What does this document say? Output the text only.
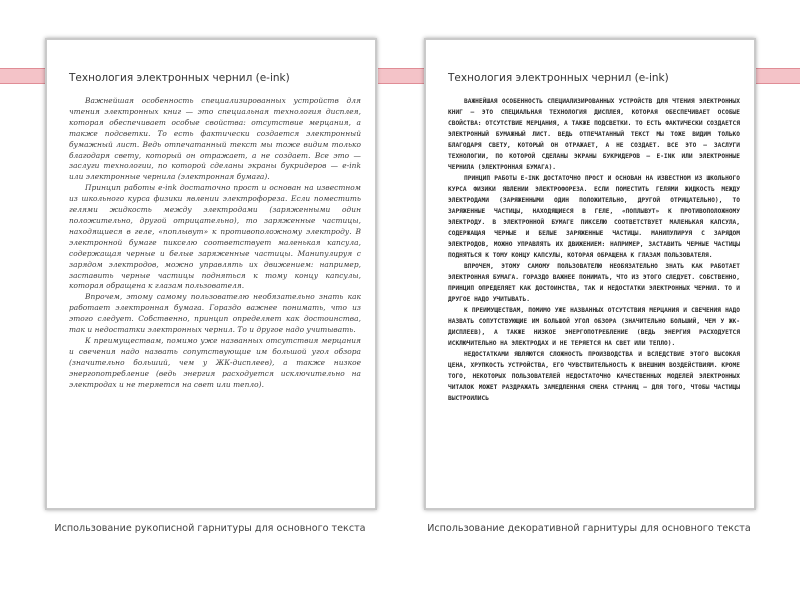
Технология электронных чернил (e-ink)

Важнейшая особенность специализированных устройств для чтения электронных книг — это специальная технология дисплея, которая обеспечивает особые свойства: отсутствие мерцания, а также подсветки. То есть фактически создается электронный бумажный лист. Ведь отпечатанный текст мы тоже видим только благодаря свету, который он отражает, а не создает. Все это — заслуги технологии, по которой сделаны экраны букридеров — e-ink или электронные чернила (электронная бумага).

Принцип работы e-ink достаточно прост и основан на известном из школьного курса физики явлении электрофореза. Если поместить гелями жидкость между электродами (заряженными один положительно, другой отрицательно), то заряженные частицы, находящиеся в геле, «поплывут» к противоположному электроду. В электронной бумаге пикселю соответствует маленькая капсула, содержащая черные и белые заряженные частицы. Манипулируя с зарядом электродов, можно управлять их движением: например, заставить черные частицы подняться к тому концу капсулы, которая обращена к глазам пользователя.

Впрочем, этому самому пользователю необязательно знать как работает электронная бумага. Гораздо важнее понимать, что из этого следует. Собственно, принцип определяет как достоинства, так и недостатки электронных чернил. То и другое надо учитывать.

К преимуществам, помимо уже названных отсутствия мерцания и свечения надо назвать сопутствующие им большой угол обзора (значительно больший, чем у ЖК-дисплеев), а также низкое энергопотребление (ведь энергия расходуется исключительно на электродах и не теряется на свет или тепло).

Технология электронных чернил (e-ink)

ВАЖНЕЙШАЯ ОСОБЕННОСТЬ СПЕЦИАЛИЗИРОВАННЫХ УСТРОЙСТВ ДЛЯ ЧТЕНИЯ ЭЛЕКТРОННЫХ КНИГ — ЭТО СПЕЦИАЛЬНАЯ ТЕХНОЛОГИЯ ДИСПЛЕЯ, КОТОРАЯ ОБЕСПЕЧИВАЕТ ОСОБЫЕ СВОЙСТВА: ОТСУТСТВИЕ МЕРЦАНИЯ, А ТАКЖЕ ПОДСВЕТКИ. ТО ЕСТЬ ФАКТИЧЕСКИ СОЗДАЕТСЯ ЭЛЕКТРОННЫЙ БУМАЖНЫЙ ЛИСТ. ВЕДЬ ОТПЕЧАТАННЫЙ ТЕКСТ МЫ ТОЖЕ ВИДИМ ТОЛЬКО БЛАГОДАРЯ СВЕТУ, КОТОРЫЙ ОН ОТРАЖАЕТ, А НЕ СОЗДАЕТ. ВСЕ ЭТО — ЗАСЛУГИ ТЕХНОЛОГИИ, ПО КОТОРОЙ СДЕЛАНЫ ЭКРАНЫ БУКРИДЕРОВ — E-INK ИЛИ ЭЛЕКТРОННЫЕ ЧЕРНИЛА (ЭЛЕКТРОННАЯ БУМАГА).

ПРИНЦИП РАБОТЫ E-INK ДОСТАТОЧНО ПРОСТ И ОСНОВАН НА ИЗВЕСТНОМ ИЗ ШКОЛЬНОГО КУРСА ФИЗИКИ ЯВЛЕНИИ ЭЛЕКТРОФОРЕЗА. ЕСЛИ ПОМЕСТИТЬ ГЕЛЯМИ ЖИДКОСТЬ МЕЖДУ ЭЛЕКТРОДАМИ (ЗАРЯЖЕННЫМИ ОДИН ПОЛОЖИТЕЛЬНО, ДРУГОЙ ОТРИЦАТЕЛЬНО), ТО ЗАРЯЖЕННЫЕ ЧАСТИЦЫ, НАХОДЯЩИЕСЯ В ГЕЛЕ, «ПОПЛЫВУТ» К ПРОТИВОПОЛОЖНОМУ ЭЛЕКТРОДУ. В ЭЛЕКТРОННОЙ БУМАГЕ ПИКСЕЛЮ СООТВЕТСТВУЕТ МАЛЕНЬКАЯ КАПСУЛА, СОДЕРЖАЩАЯ ЧЕРНЫЕ И БЕЛЫЕ ЗАРЯЖЕННЫЕ ЧАСТИЦЫ. МАНИПУЛИРУЯ С ЗАРЯДОМ ЭЛЕКТРОДОВ, МОЖНО УПРАВЛЯТЬ ИХ ДВИЖЕНИЕМ: НАПРИМЕР, ЗАСТАВИТЬ ЧЕРНЫЕ ЧАСТИЦЫ ПОДНЯТЬСЯ К ТОМУ КОНЦУ КАПСУЛЫ, КОТОРАЯ ОБРАЩЕНА К ГЛАЗАМ ПОЛЬЗОВАТЕЛЯ.

ВПРОЧЕМ, ЭТОМУ САМОМУ ПОЛЬЗОВАТЕЛЮ НЕОБЯЗАТЕЛЬНО ЗНАТЬ КАК РАБОТАЕТ ЭЛЕКТРОННАЯ БУМАГА. ГОРАЗДО ВАЖНЕЕ ПОНИМАТЬ, ЧТО ИЗ ЭТОГО СЛЕДУЕТ. СОБСТВЕННО, ПРИНЦИП ОПРЕДЕЛЯЕТ КАК ДОСТОИНСТВА, ТАК И НЕДОСТАТКИ ЭЛЕКТРОННЫХ ЧЕРНИЛ. ТО И ДРУГОЕ НАДО УЧИТЫВАТЬ.

К ПРЕИМУЩЕСТВАМ, ПОМИМО УЖЕ НАЗВАННЫХ ОТСУТСТВИЯ МЕРЦАНИЯ И СВЕЧЕНИЯ НАДО НАЗВАТЬ СОПУТСТВУЮЩИЕ ИМ БОЛЬШОЙ УГОЛ ОБЗОРА (ЗНАЧИТЕЛЬНО БОЛЬШИЙ, ЧЕМ У ЖК-ДИСПЛЕЕВ), А ТАКЖЕ НИЗКОЕ ЭНЕРГОПОТРЕБЛЕНИЕ (ВЕДЬ ЭНЕРГИЯ РАСХОДУЕТСЯ ИСКЛЮЧИТЕЛЬНО НА ЭЛЕКТРОДАХ И НЕ ТЕРЯЕТСЯ НА СВЕТ ИЛИ ТЕПЛО).

НЕДОСТАТКАМИ ЯВЛЯЮТСЯ СЛОЖНОСТЬ ПРОИЗВОДСТВА И ВСЛЕДСТВИЕ ЭТОГО ВЫСОКАЯ ЦЕНА, ХРУПКОСТЬ УСТРОЙСТВА, ЕГО ЧУВСТВИТЕЛЬНОСТЬ К ВНЕШНИМ ВОЗДЕЙСТВИЯМ. КРОМЕ ТОГО, НЕКОТОРЫХ ПОЛЬЗОВАТЕЛЕЙ НЕДОСТАТОЧНО КАЧЕСТВЕННЫХ МОДЕЛЕЙ ЭЛЕКТРОННЫХ ЧИТАЛОК МОЖЕТ РАЗДРАЖАТЬ ЗАМЕДЛЕННАЯ СМЕНА СТРАНИЦ — ДЛЯ ТОГО, ЧТОБЫ ЧАСТИЦЫ ВЫСТРОИЛИСЬ

Использование рукописной гарнитуры для основного текста	Использование декоративной гарнитуры для основного текста
